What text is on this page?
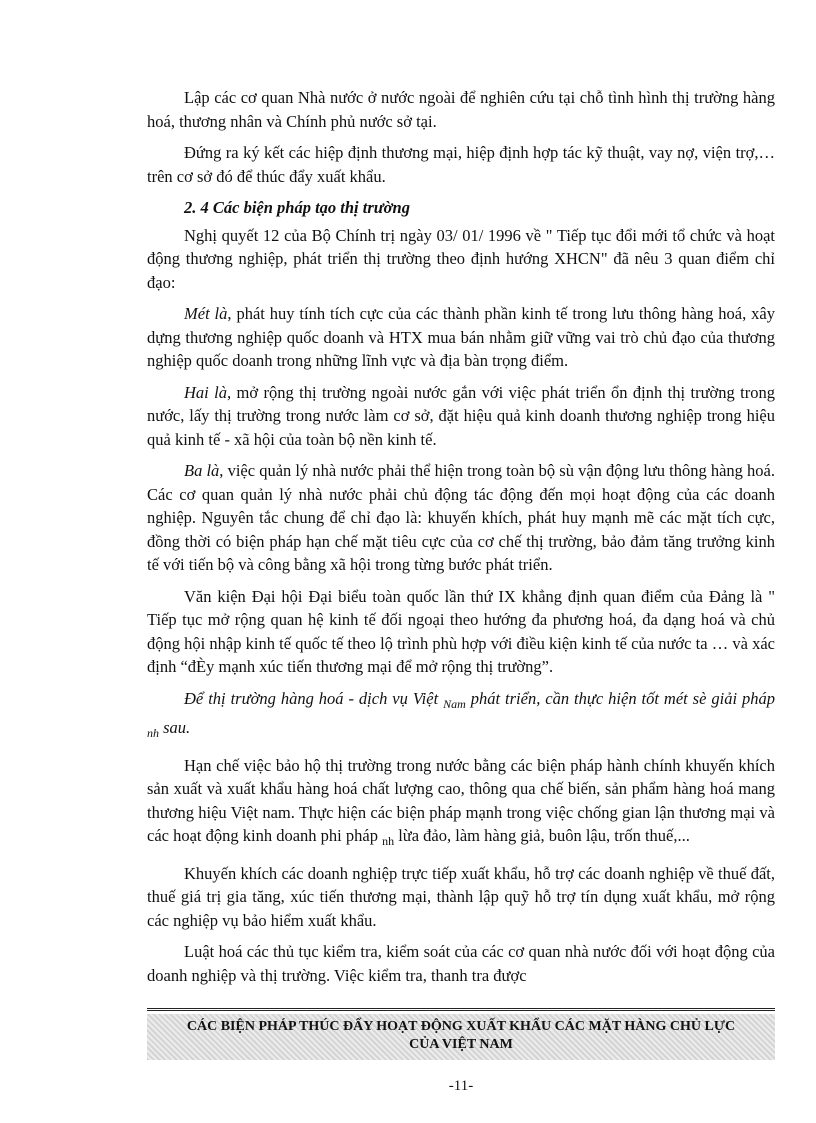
Lập các cơ quan Nhà nước ở nước ngoài để nghiên cứu tại chỗ tình hình thị trường hàng hoá, thương nhân và Chính phủ nước sở tại.

Đứng ra ký kết các hiệp định thương mại, hiệp định hợp tác kỹ thuật, vay nợ, viện trợ,…trên cơ sở đó để thúc đẩy xuất khẩu.

2. 4 Các biện pháp tạo thị trường

Nghị quyết 12 của Bộ Chính trị ngày 03/ 01/ 1996 về " Tiếp tục đổi mới tổ chức và hoạt động thương nghiệp, phát triển thị trường theo định hướng XHCN" đã nêu 3 quan điểm chỉ đạo:

Mét là, phát huy tính tích cực của các thành phần kinh tế trong lưu thông hàng hoá, xây dựng thương nghiệp quốc doanh và HTX mua bán nhằm giữ vững vai trò chủ đạo của thương nghiệp quốc doanh trong những lĩnh vực và địa bàn trọng điểm.

Hai là, mở rộng thị trường ngoài nước gắn với việc phát triển ổn định thị trường trong nước, lấy thị trường trong nước làm cơ sở, đặt hiệu quả kinh doanh thương nghiệp trong hiệu quả kinh tế - xã hội của toàn bộ nền kinh tế.

Ba là, việc quản lý nhà nước phải thể hiện trong toàn bộ sù vận động lưu thông hàng hoá. Các cơ quan quản lý nhà nước phải chủ động tác động đến mọi hoạt động của các doanh nghiệp. Nguyên tắc chung để chỉ đạo là: khuyến khích, phát huy mạnh mẽ các mặt tích cực, đồng thời có biện pháp hạn chế mặt tiêu cực của cơ chế thị trường, bảo đảm tăng trưởng kinh tế với tiến bộ và công bằng xã hội trong từng bước phát triển.

Văn kiện Đại hội Đại biểu toàn quốc lần thứ IX khẳng định quan điểm của Đảng là " Tiếp tục mở rộng quan hệ kinh tế đối ngoại theo hướng đa phương hoá, đa dạng hoá và chủ động hội nhập kinh tế quốc tế theo lộ trình phù hợp với điều kiện kinh tế của nước ta … và xác định “đÈy mạnh xúc tiến thương mại để mở rộng thị trường”.

Để thị trường hàng hoá - dịch vụ Việt $_{Nam}$ phát triển, cần thực hiện tốt mét sè giải pháp $_{nh}$ sau.

Hạn chế việc bảo hộ thị trường trong nước bằng các biện pháp hành chính khuyến khích sản xuất và xuất khẩu hàng hoá chất lượng cao, thông qua chế biến, sản phẩm hàng hoá mang thương hiệu Việt nam. Thực hiện các biện pháp mạnh trong việc chống gian lận thương mại và các hoạt động kinh doanh phi pháp $_{nh}$ lừa đảo, làm hàng giả, buôn lậu, trốn thuế,...

Khuyến khích các doanh nghiệp trực tiếp xuất khẩu, hỗ trợ các doanh nghiệp về thuế đất, thuế giá trị gia tăng, xúc tiến thương mại, thành lập quỹ hỗ trợ tín dụng xuất khẩu, mở rộng các nghiệp vụ bảo hiểm xuất khẩu.

Luật hoá các thủ tục kiểm tra, kiểm soát của các cơ quan nhà nước đối với hoạt động của doanh nghiệp và thị trường. Việc kiểm tra, thanh tra được

CÁC BIỆN PHÁP THÚC ĐẨY HOẠT ĐỘNG XUẤT KHẨU CÁC MẶT HÀNG CHỦ LỰC
CỦA VIỆT NAM
-11-
